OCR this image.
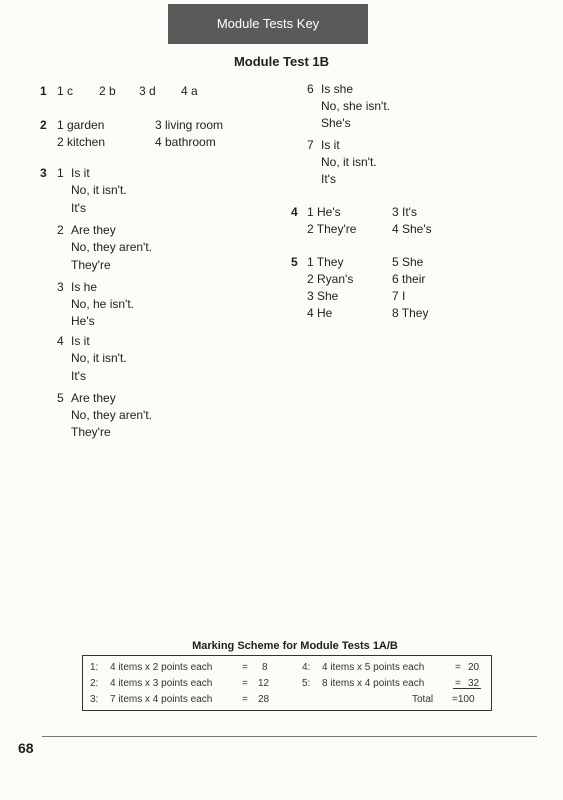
Module Tests Key
Module Test 1B
1 1 c 2 b 3 d 4 a
2 1 garden	3 living room
2 kitchen	4 bathroom
3 1 Is it
No, it isn't.
It's
2 Are they
No, they aren't.
They're
3 Is he
No, he isn't.
He's
4 Is it
No, it isn't.
It's
5 Are they
No, they aren't.
They're
6 Is she
No, she isn't.
She's
7 Is it
No, it isn't.
It's
4 1 He's	3 It's
2 They're	4 She's
5 1 They	5 She
2 Ryan's	6 their
3 She	7 I
4 He	8 They
Marking Scheme for Module Tests 1A/B
1: 4 items x 2 points each	= 8
2: 4 items x 3 points each	= 12
3: 7 items x 4 points each	= 28
4: 4 items x 5 points each	= 20
5: 8 items x 4 points each	= 32
Total =100
68
